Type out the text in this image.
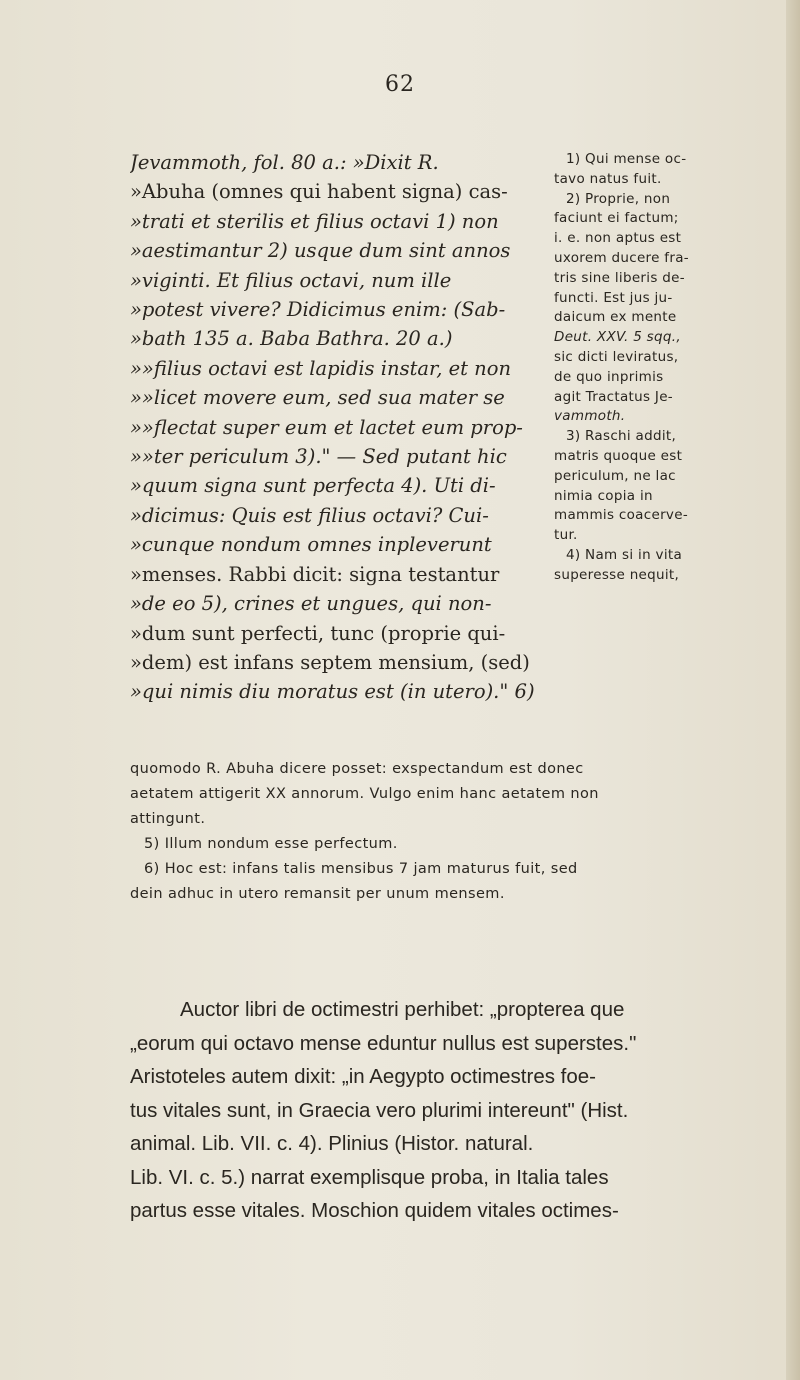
62
Jevammoth, fol. 80 a.: »Dixit R.
»Abuha (omnes qui habent signa) cas-
»trati et sterilis et filius octavi 1) non
»aestimantur 2) usque dum sint annos
»viginti. Et filius octavi, num ille
»potest vivere? Didicimus enim: (Sab-
»bath 135 a. Baba Bathra. 20 a.)
»»filius octavi est lapidis instar, et non
»»licet movere eum, sed sua mater se
»»flectat super eum et lactet eum prop-
»»ter periculum 3)." — Sed putant hic
»quum signa sunt perfecta 4). Uti di-
»dicimus: Quis est filius octavi? Cui-
»cunque nondum omnes inpleverunt
»menses. Rabbi dicit: signa testantur
»de eo 5), crines et ungues, qui non-
»dum sunt perfecti, tunc (proprie qui-
»dem) est infans septem mensium, (sed)
»qui nimis diu moratus est (in utero)." 6)
1) Qui mense oc-
tavo natus fuit.
2) Proprie, non
faciunt ei factum;
i. e. non aptus est
uxorem ducere fra-
tris sine liberis de-
functi. Est jus ju-
daicum ex mente
Deut. XXV. 5 sqq.,
sic dicti leviratus,
de quo inprimis
agit Tractatus Je-
vammoth.
3) Raschi addit,
matris quoque est
periculum, ne lac
nimia copia in
mammis coacerve-
tur.
4) Nam si in vita
superesse nequit,
quomodo R. Abuha dicere posset: exspectandum est donec
aetatem attigerit XX annorum. Vulgo enim hanc aetatem non
attingunt.
5) Illum nondum esse perfectum.
6) Hoc est: infans talis mensibus 7 jam maturus fuit, sed
dein adhuc in utero remansit per unum mensem.
Auctor libri de octimestri perhibet: „propterea que
„eorum qui octavo mense eduntur nullus est superstes."
Aristoteles autem dixit: „in Aegypto octimestres foe-
tus vitales sunt, in Graecia vero plurimi intereunt" (Hist.
animal. Lib. VII. c. 4). Plinius (Histor. natural.
Lib. VI. c. 5.) narrat exemplisque proba, in Italia tales
partus esse vitales. Moschion quidem vitales octimes-
